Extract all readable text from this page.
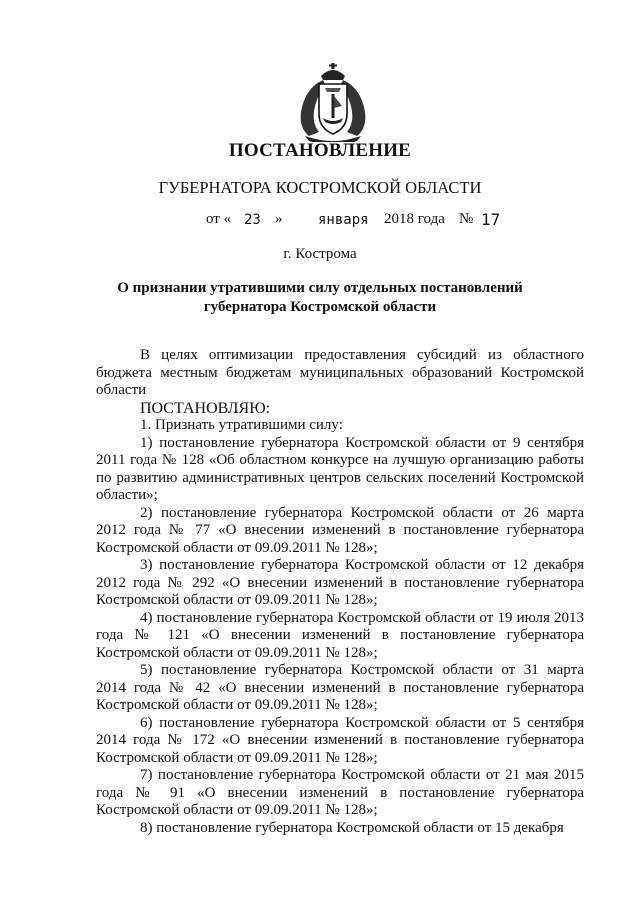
ПОСТАНОВЛЕНИЕ
ГУБЕРНАТОРА КОСТРОМСКОЙ ОБЛАСТИ
от « 23 »	января 2018 года № 17
г. Кострома
О признании утратившими силу отдельных постановлений
губернатора Костромской области

В целях оптимизации предоставления субсидий из областного бюджета местным бюджетам муниципальных образований Костромской области

ПОСТАНОВЛЯЮ:

1. Признать утратившими силу:

1) постановление губернатора Костромской области от 9 сентября 2011 года № 128 «Об областном конкурсе на лучшую организацию работы по развитию административных центров сельских поселений Костромской области»;

2) постановление губернатора Костромской области от 26 марта 2012 года № 77 «О внесении изменений в постановление губернатора Костромской области от 09.09.2011 № 128»;

3) постановление губернатора Костромской области от 12 декабря 2012 года № 292 «О внесении изменений в постановление губернатора Костромской области от 09.09.2011 № 128»;

4) постановление губернатора Костромской области от 19 июля 2013 года № 121 «О внесении изменений в постановление губернатора Костромской области от 09.09.2011 № 128»;

5) постановление губернатора Костромской области от 31 марта 2014 года № 42 «О внесении изменений в постановление губернатора Костромской области от 09.09.2011 № 128»;

6) постановление губернатора Костромской области от 5 сентября 2014 года № 172 «О внесении изменений в постановление губернатора Костромской области от 09.09.2011 № 128»;

7) постановление губернатора Костромской области от 21 мая 2015 года № 91 «О внесении изменений в постановление губернатора Костромской области от 09.09.2011 № 128»;

8) постановление губернатора Костромской области от 15 декабря
